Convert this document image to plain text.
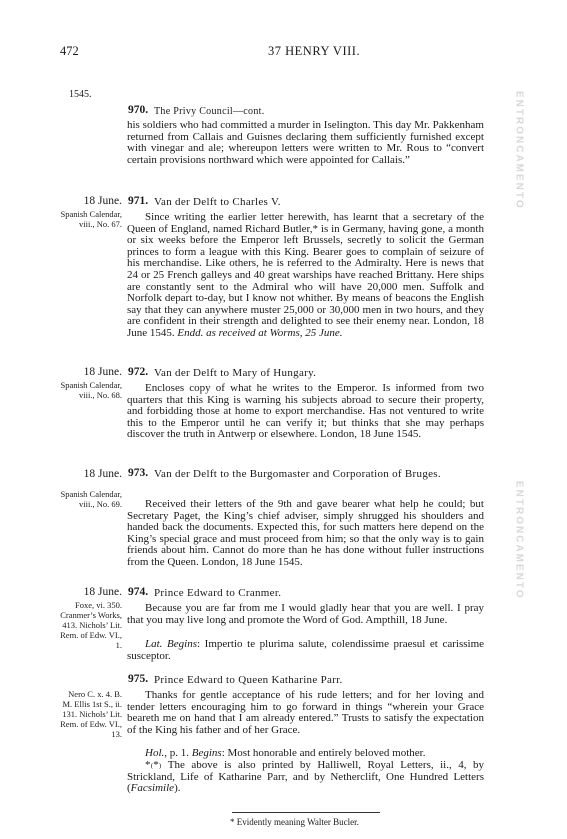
472	37 HENRY VIII.
1545.
970. The Privy Council—cont.
his soldiers who had committed a murder in Iselington. This day Mr. Pakkenham returned from Callais and Guisnes declaring them sufficiently furnished except with vinegar and ale; whereupon letters were written to Mr. Rous to “convert certain provisions northward which were appointed for Callais.”
18 June.
Spanish Calendar, viii., No. 67.
971. Van der Delft to Charles V.
Since writing the earlier letter herewith, has learnt that a secretary of the Queen of England, named Richard Butler,* is in Germany, having gone, a month or six weeks before the Emperor left Brussels, secretly to solicit the German princes to form a league with this King. Bearer goes to complain of seizure of his merchandise. Like others, he is referred to the Admiralty. Here is news that 24 or 25 French galleys and 40 great warships have reached Brittany. Here ships are constantly sent to the Admiral who will have 20,000 men. Suffolk and Norfolk depart to-day, but I know not whither. By means of beacons the English say that they can anywhere muster 25,000 or 30,000 men in two hours, and they are confident in their strength and delighted to see their enemy near. London, 18 June 1545. Endd. as received at Worms, 25 June.
18 June.
Spanish Calendar, viii., No. 68.
972. Van der Delft to Mary of Hungary.
Encloses copy of what he writes to the Emperor. Is informed from two quarters that this King is warning his subjects abroad to secure their property, and forbidding those at home to export merchandise. Has not ventured to write this to the Emperor until he can verify it; but thinks that she may perhaps discover the truth in Antwerp or elsewhere. London, 18 June 1545.
18 June.
Spanish Calendar, viii., No. 69.
973. Van der Delft to the Burgomaster and Corporation of Bruges.
Received their letters of the 9th and gave bearer what help he could; but Secretary Paget, the King’s chief adviser, simply shrugged his shoulders and handed back the documents. Expected this, for such matters here depend on the King’s special grace and must proceed from him; so that the only way is to gain friends about him. Cannot do more than he has done without fuller instructions from the Queen. London, 18 June 1545.
18 June.
Foxe, vi. 350. Cranmer’s Works, 413. Nichols’ Lit. Rem. of Edw. VI., 1.
974. Prince Edward to Cranmer.
Because you are far from me I would gladly hear that you are well. I pray that you may live long and promote the Word of God. Ampthill, 18 June.
Lat. Begins: Impertio te plurima salute, colendissime praesul et carissime susceptor.
Nero C. x. 4. B. M. Ellis 1st S., ii. 131. Nichols’ Lit. Rem. of Edw. VI., 13.
975. Prince Edward to Queen Katharine Parr.
Thanks for gentle acceptance of his rude letters; and for her loving and tender letters encouraging him to go forward in things “wherein your Grace beareth me on hand that I am already entered.” Trusts to satisfy the expectation of the King his father and of her Grace.
Hol., p. 1. Begins: Most honorable and entirely beloved mother.
*₍*₎ The above is also printed by Halliwell, Royal Letters, ii., 4, by Strickland, Life of Katharine Parr, and by Netherclift, One Hundred Letters (Facsimile).
* Evidently meaning Walter Bucler.
ENTRONCAMENTO
ENTRONCAMENTO
